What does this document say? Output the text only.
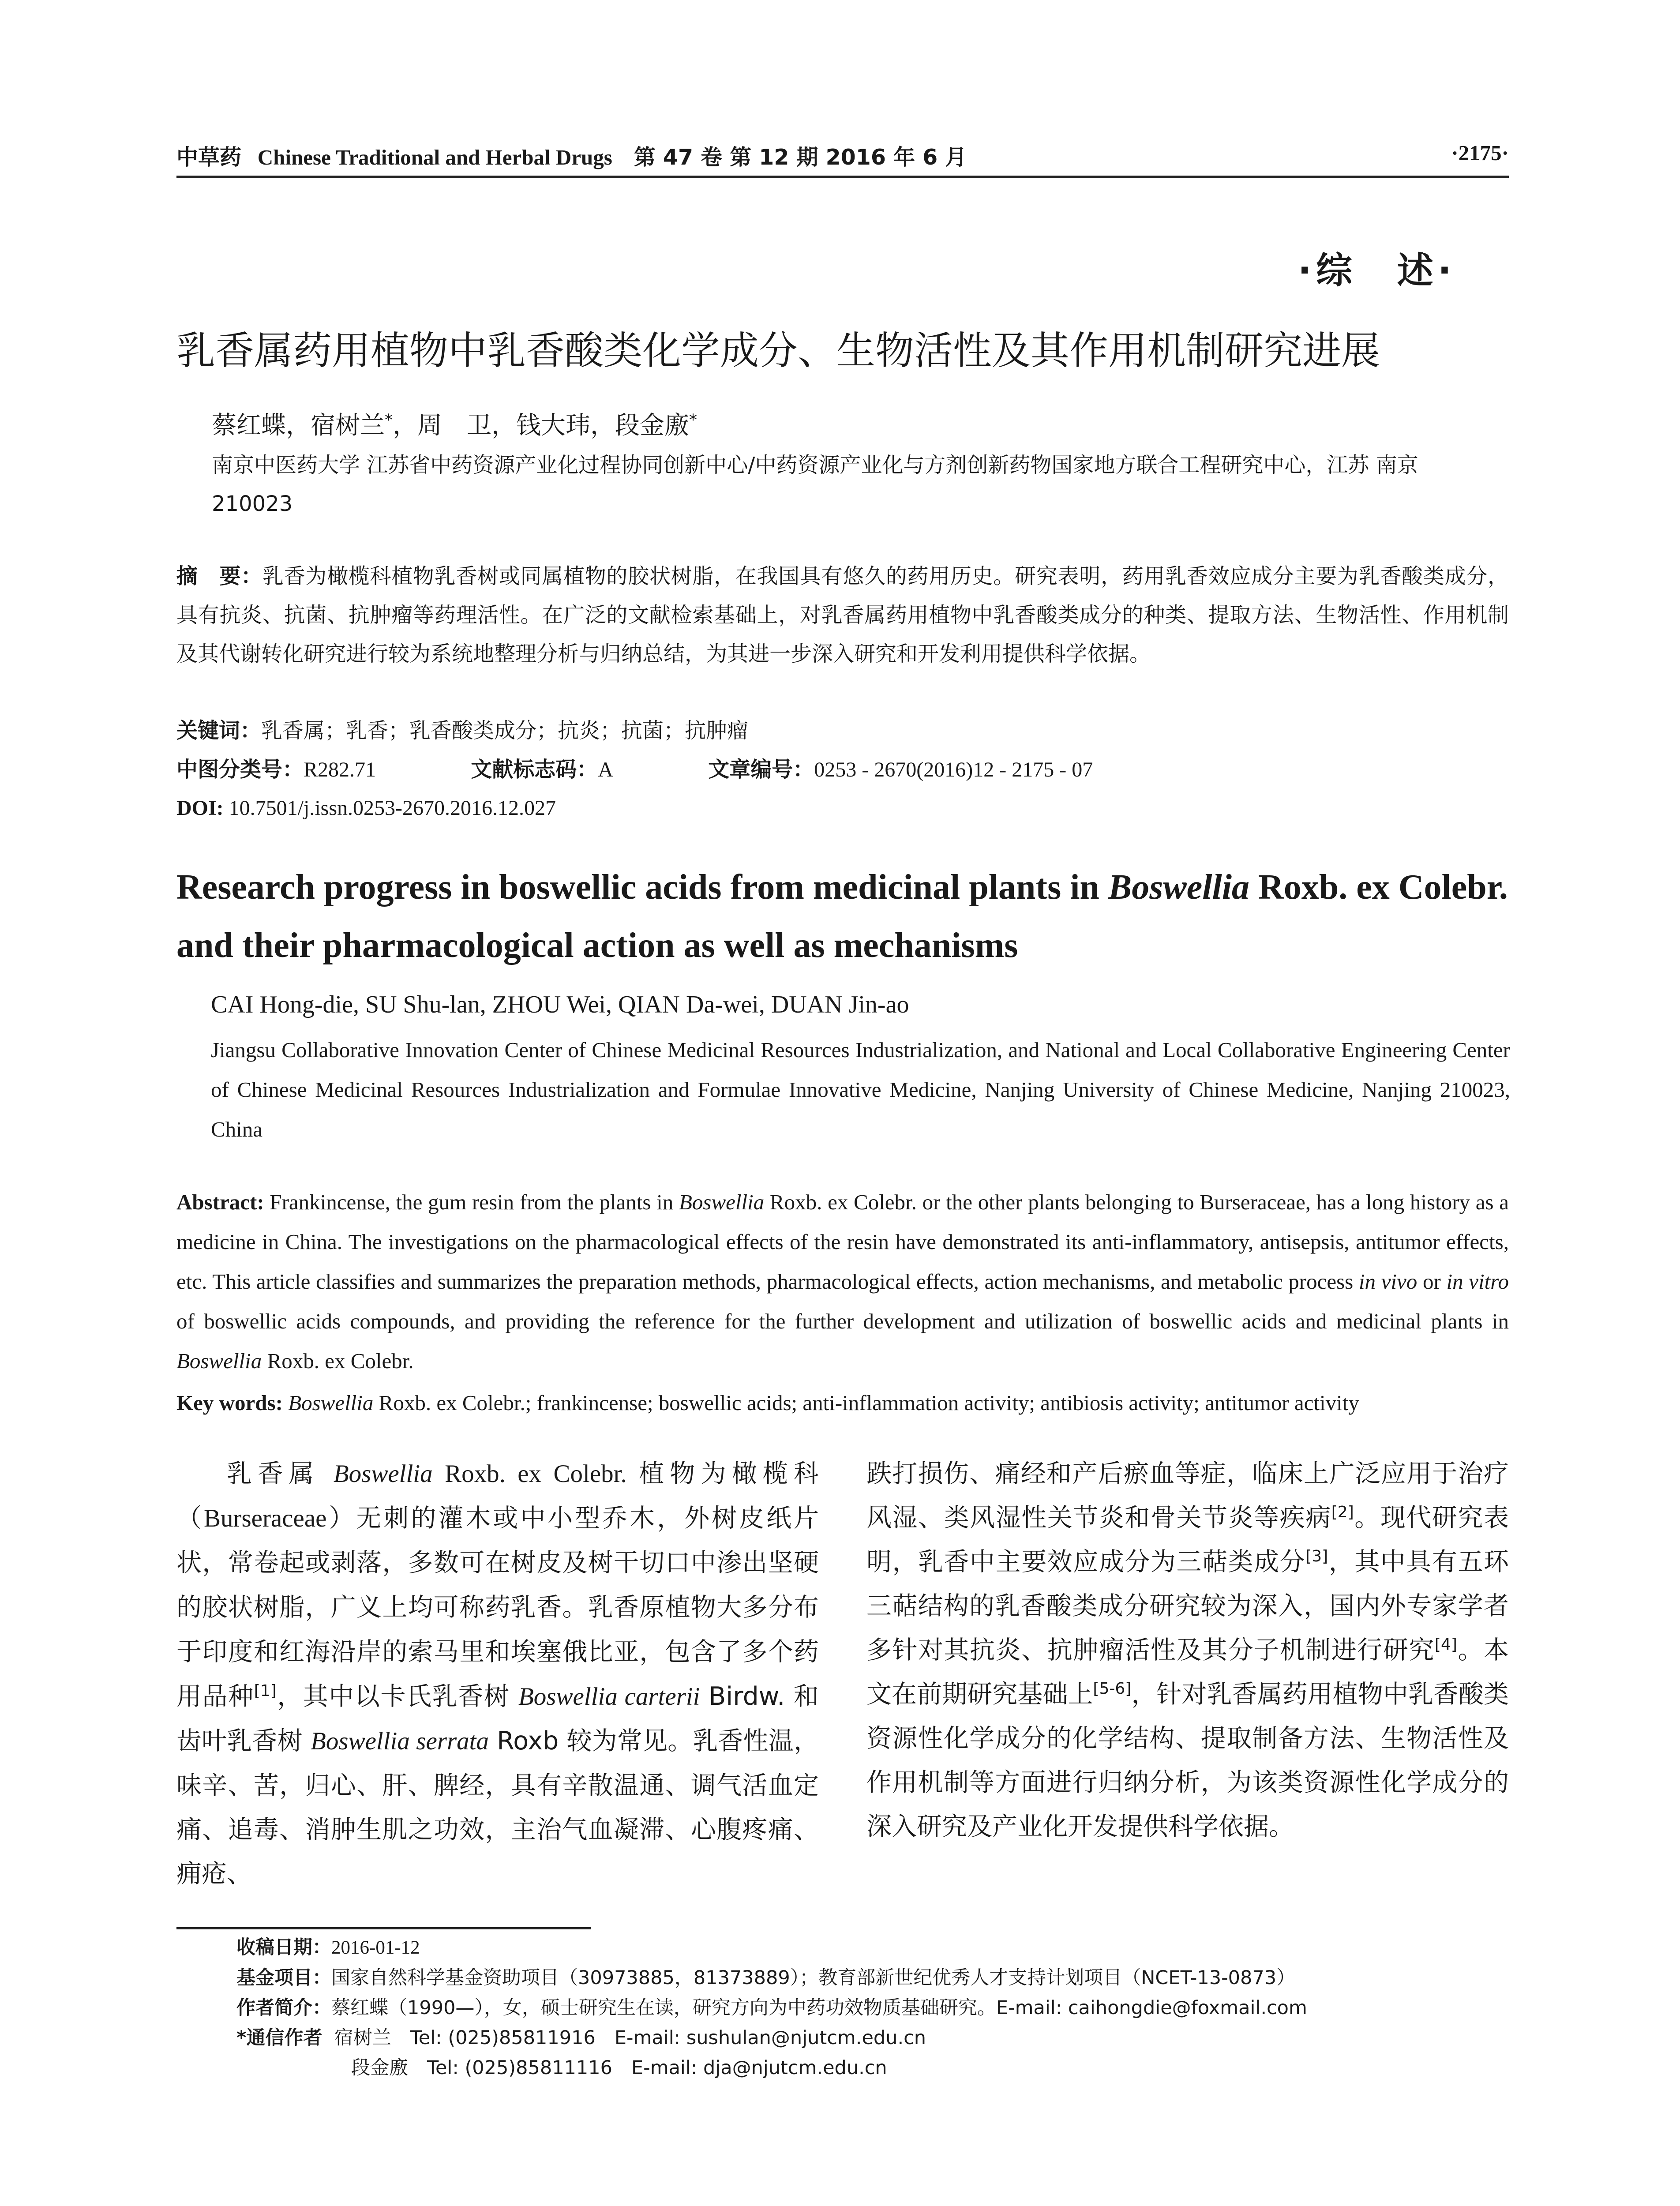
中草药 Chinese Traditional and Herbal Drugs 第 47 卷 第 12 期 2016 年 6 月	·2175·
·综　述·
乳香属药用植物中乳香酸类化学成分、生物活性及其作用机制研究进展
蔡红蝶，宿树兰*，周　卫，钱大玮，段金廒*
南京中医药大学 江苏省中药资源产业化过程协同创新中心/中药资源产业化与方剂创新药物国家地方联合工程研究中心，江苏 南京　210023
摘　要：乳香为橄榄科植物乳香树或同属植物的胶状树脂，在我国具有悠久的药用历史。研究表明，药用乳香效应成分主要为乳香酸类成分，具有抗炎、抗菌、抗肿瘤等药理活性。在广泛的文献检索基础上，对乳香属药用植物中乳香酸类成分的种类、提取方法、生物活性、作用机制及其代谢转化研究进行较为系统地整理分析与归纳总结，为其进一步深入研究和开发利用提供科学依据。
关键词：乳香属；乳香；乳香酸类成分；抗炎；抗菌；抗肿瘤
中图分类号：R282.71	文献标志码：A	文章编号：0253 - 2670(2016)12 - 2175 - 07
DOI: 10.7501/j.issn.0253-2670.2016.12.027
Research progress in boswellic acids from medicinal plants in Boswellia Roxb. ex Colebr. and their pharmacological action as well as mechanisms
CAI Hong-die, SU Shu-lan, ZHOU Wei, QIAN Da-wei, DUAN Jin-ao
Jiangsu Collaborative Innovation Center of Chinese Medicinal Resources Industrialization, and National and Local Collaborative Engineering Center of Chinese Medicinal Resources Industrialization and Formulae Innovative Medicine, Nanjing University of Chinese Medicine, Nanjing 210023, China
Abstract: Frankincense, the gum resin from the plants in Boswellia Roxb. ex Colebr. or the other plants belonging to Burseraceae, has a long history as a medicine in China. The investigations on the pharmacological effects of the resin have demonstrated its anti-inflammatory, antisepsis, antitumor effects, etc. This article classifies and summarizes the preparation methods, pharmacological effects, action mechanisms, and metabolic process in vivo or in vitro of boswellic acids compounds, and providing the reference for the further development and utilization of boswellic acids and medicinal plants in Boswellia Roxb. ex Colebr.
Key words: Boswellia Roxb. ex Colebr.; frankincense; boswellic acids; anti-inflammation activity; antibiosis activity; antitumor activity
乳香属 Boswellia Roxb. ex Colebr. 植物为橄榄科（Burseraceae）无刺的灌木或中小型乔木，外树皮纸片状，常卷起或剥落，多数可在树皮及树干切口中渗出坚硬的胶状树脂，广义上均可称药乳香。乳香原植物大多分布于印度和红海沿岸的索马里和埃塞俄比亚，包含了多个药用品种[1]，其中以卡氏乳香树 Boswellia carterii Birdw. 和齿叶乳香树 Boswellia serrata Roxb 较为常见。乳香性温，味辛、苦，归心、肝、脾经，具有辛散温通、调气活血定痛、追毒、消肿生肌之功效，主治气血凝滞、心腹疼痛、痈疮、
跌打损伤、痛经和产后瘀血等症，临床上广泛应用于治疗风湿、类风湿性关节炎和骨关节炎等疾病[2]。现代研究表明，乳香中主要效应成分为三萜类成分[3]，其中具有五环三萜结构的乳香酸类成分研究较为深入，国内外专家学者多针对其抗炎、抗肿瘤活性及其分子机制进行研究[4]。本文在前期研究基础上[5-6]，针对乳香属药用植物中乳香酸类资源性化学成分的化学结构、提取制备方法、生物活性及作用机制等方面进行归纳分析，为该类资源性化学成分的深入研究及产业化开发提供科学依据。
收稿日期：2016-01-12
基金项目：国家自然科学基金资助项目（30973885，81373889）；教育部新世纪优秀人才支持计划项目（NCET-13-0873）
作者简介：蔡红蝶（1990—），女，硕士研究生在读，研究方向为中药功效物质基础研究。E-mail: caihongdie@foxmail.com
*通信作者 宿树兰　Tel: (025)85811916　E-mail: sushulan@njutcm.edu.cn
段金廒　Tel: (025)85811116　E-mail: dja@njutcm.edu.cn
